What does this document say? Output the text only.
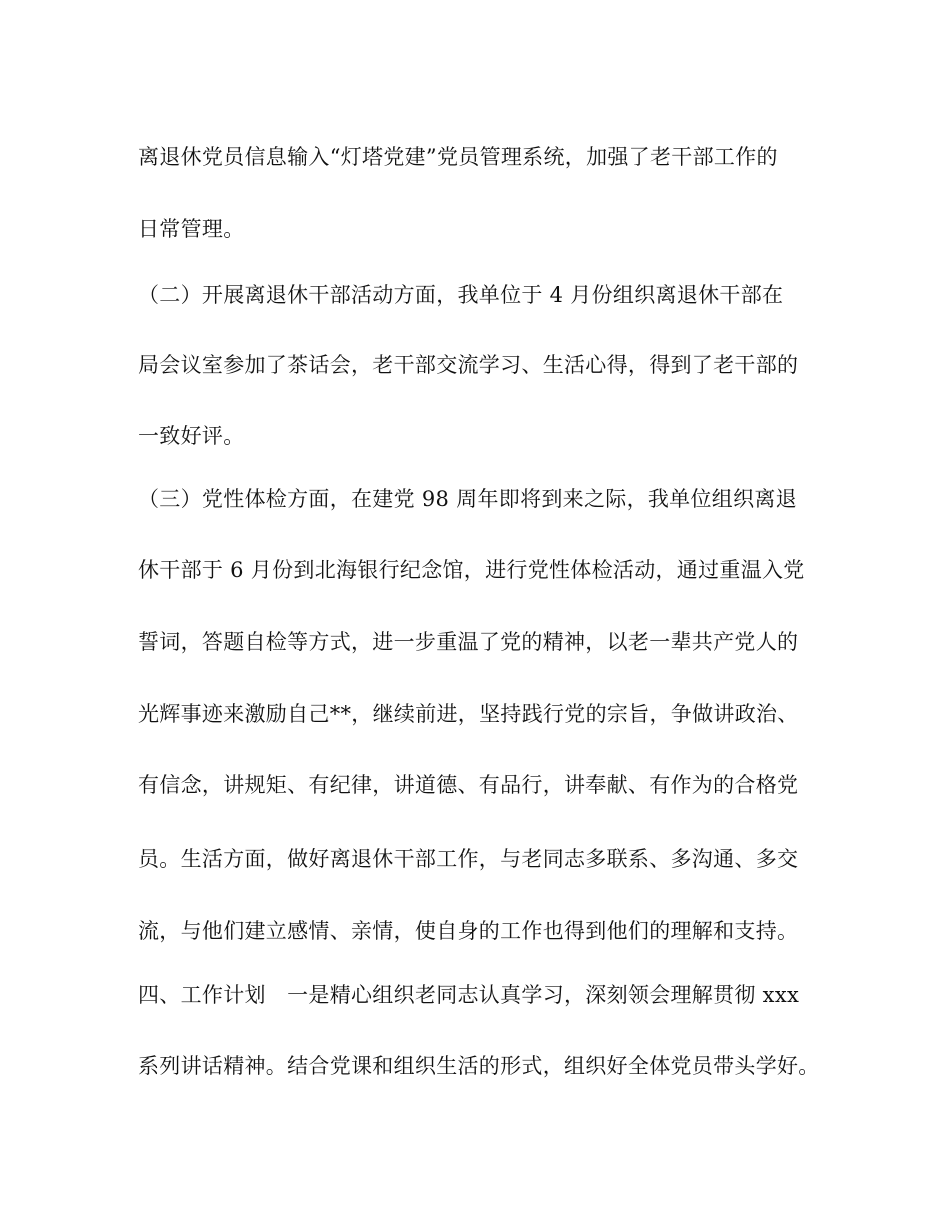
离退休党员信息输入“灯塔党建”党员管理系统，加强了老干部工作的
日常管理。
（二）开展离退休干部活动方面，我单位于 4 月份组织离退休干部在
局会议室参加了茶话会，老干部交流学习、生活心得，得到了老干部的
一致好评。
（三）党性体检方面，在建党 98 周年即将到来之际，我单位组织离退
休干部于 6 月份到北海银行纪念馆，进行党性体检活动，通过重温入党
誓词，答题自检等方式，进一步重温了党的精神，以老一辈共产党人的
光辉事迹来激励自己**，继续前进，坚持践行党的宗旨，争做讲政治、
有信念，讲规矩、有纪律，讲道德、有品行，讲奉献、有作为的合格党
员。生活方面，做好离退休干部工作，与老同志多联系、多沟通、多交
流，与他们建立感情、亲情，使自身的工作也得到他们的理解和支持。
四、工作计划　一是精心组织老同志认真学习，深刻领会理解贯彻 xxx
系列讲话精神。结合党课和组织生活的形式，组织好全体党员带头学好。
